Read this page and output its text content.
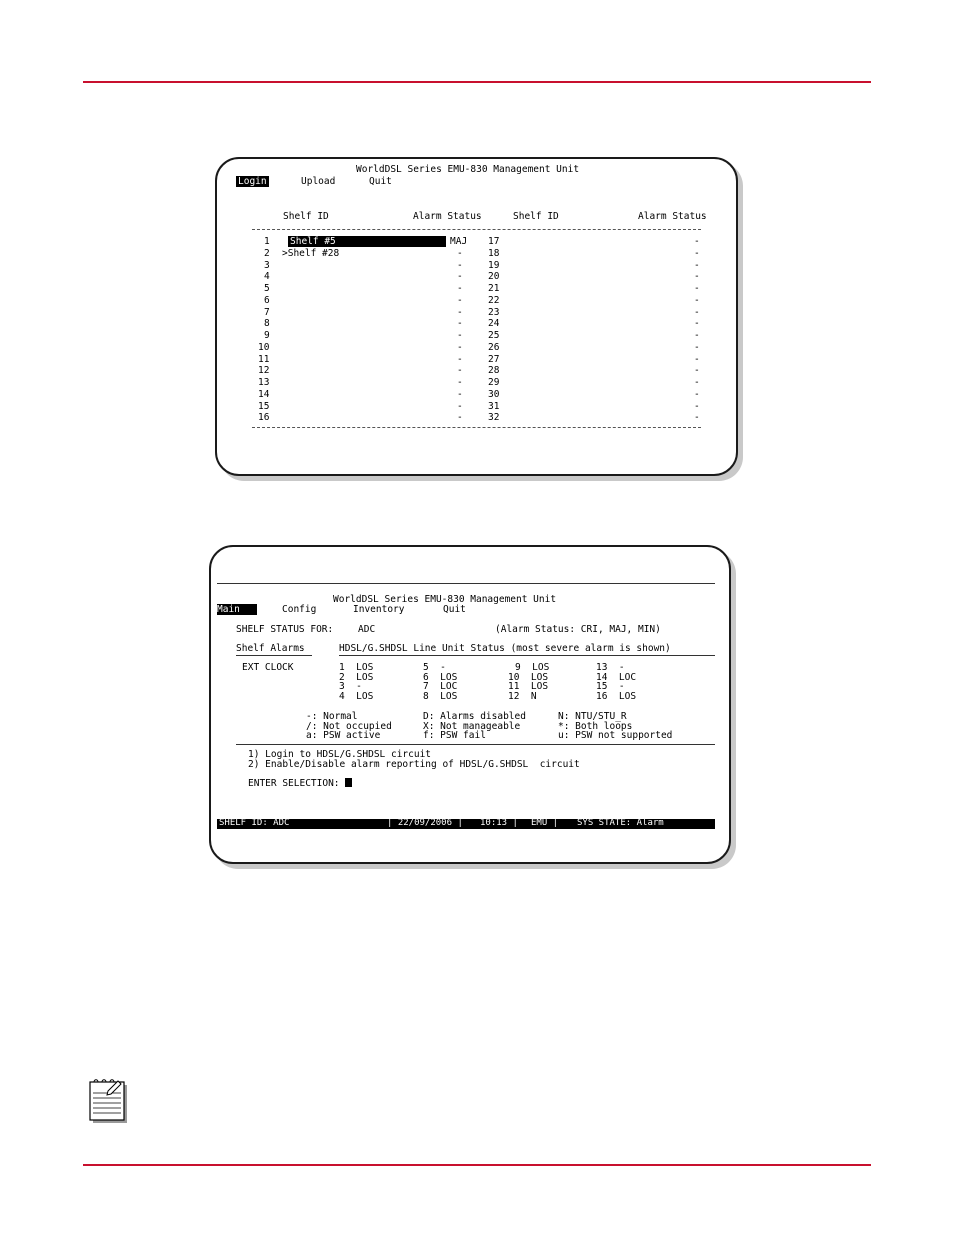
WorldDSL Series EMU-830 Management Unit
Login	Upload	Quit
Shelf ID	Alarm Status	Shelf ID	Alarm Status
1 Shelf #5	MAJ 17	-
2 >Shelf #28	-	18	-
3	-	19	-
4	-	20	-
5	-	21	-
6	-	22	-
7	-	23	-
8	-	24	-
9	-	25	-
10	-	26	-
11	-	27	-
12	-	28	-
13	-	29	-
14	-	30	-
15	-	31	-
16	-	32	-
WorldDSL Series EMU-830 Management Unit
Main	Config	Inventory	Quit
SHELF STATUS FOR:	ADC	(Alarm Status: CRI, MAJ, MIN)
Shelf Alarms	HDSL/G.SHDSL Line Unit Status (most severe alarm is shown)
EXT CLOCK	1  LOS	5  -	9  LOS	13  -
2  LOS	6  LOS	10  LOS	14  LOC
3  -	7  LOC	11  LOS	15  -
4  LOS	8  LOS	12  N	16  LOS
-: Normal	D: Alarms disabled	N: NTU/STU_R
/: Not occupied	X: Not manageable	*: Both loops
a: PSW active	f: PSW fail	u: PSW not supported
1) Login to HDSL/G.SHDSL circuit
2) Enable/Disable alarm reporting of HDSL/G.SHDSL  circuit
ENTER SELECTION:
SHELF ID: ADC	| 22/09/2006 | 10:13 | EMU | SYS STATE: Alarm
